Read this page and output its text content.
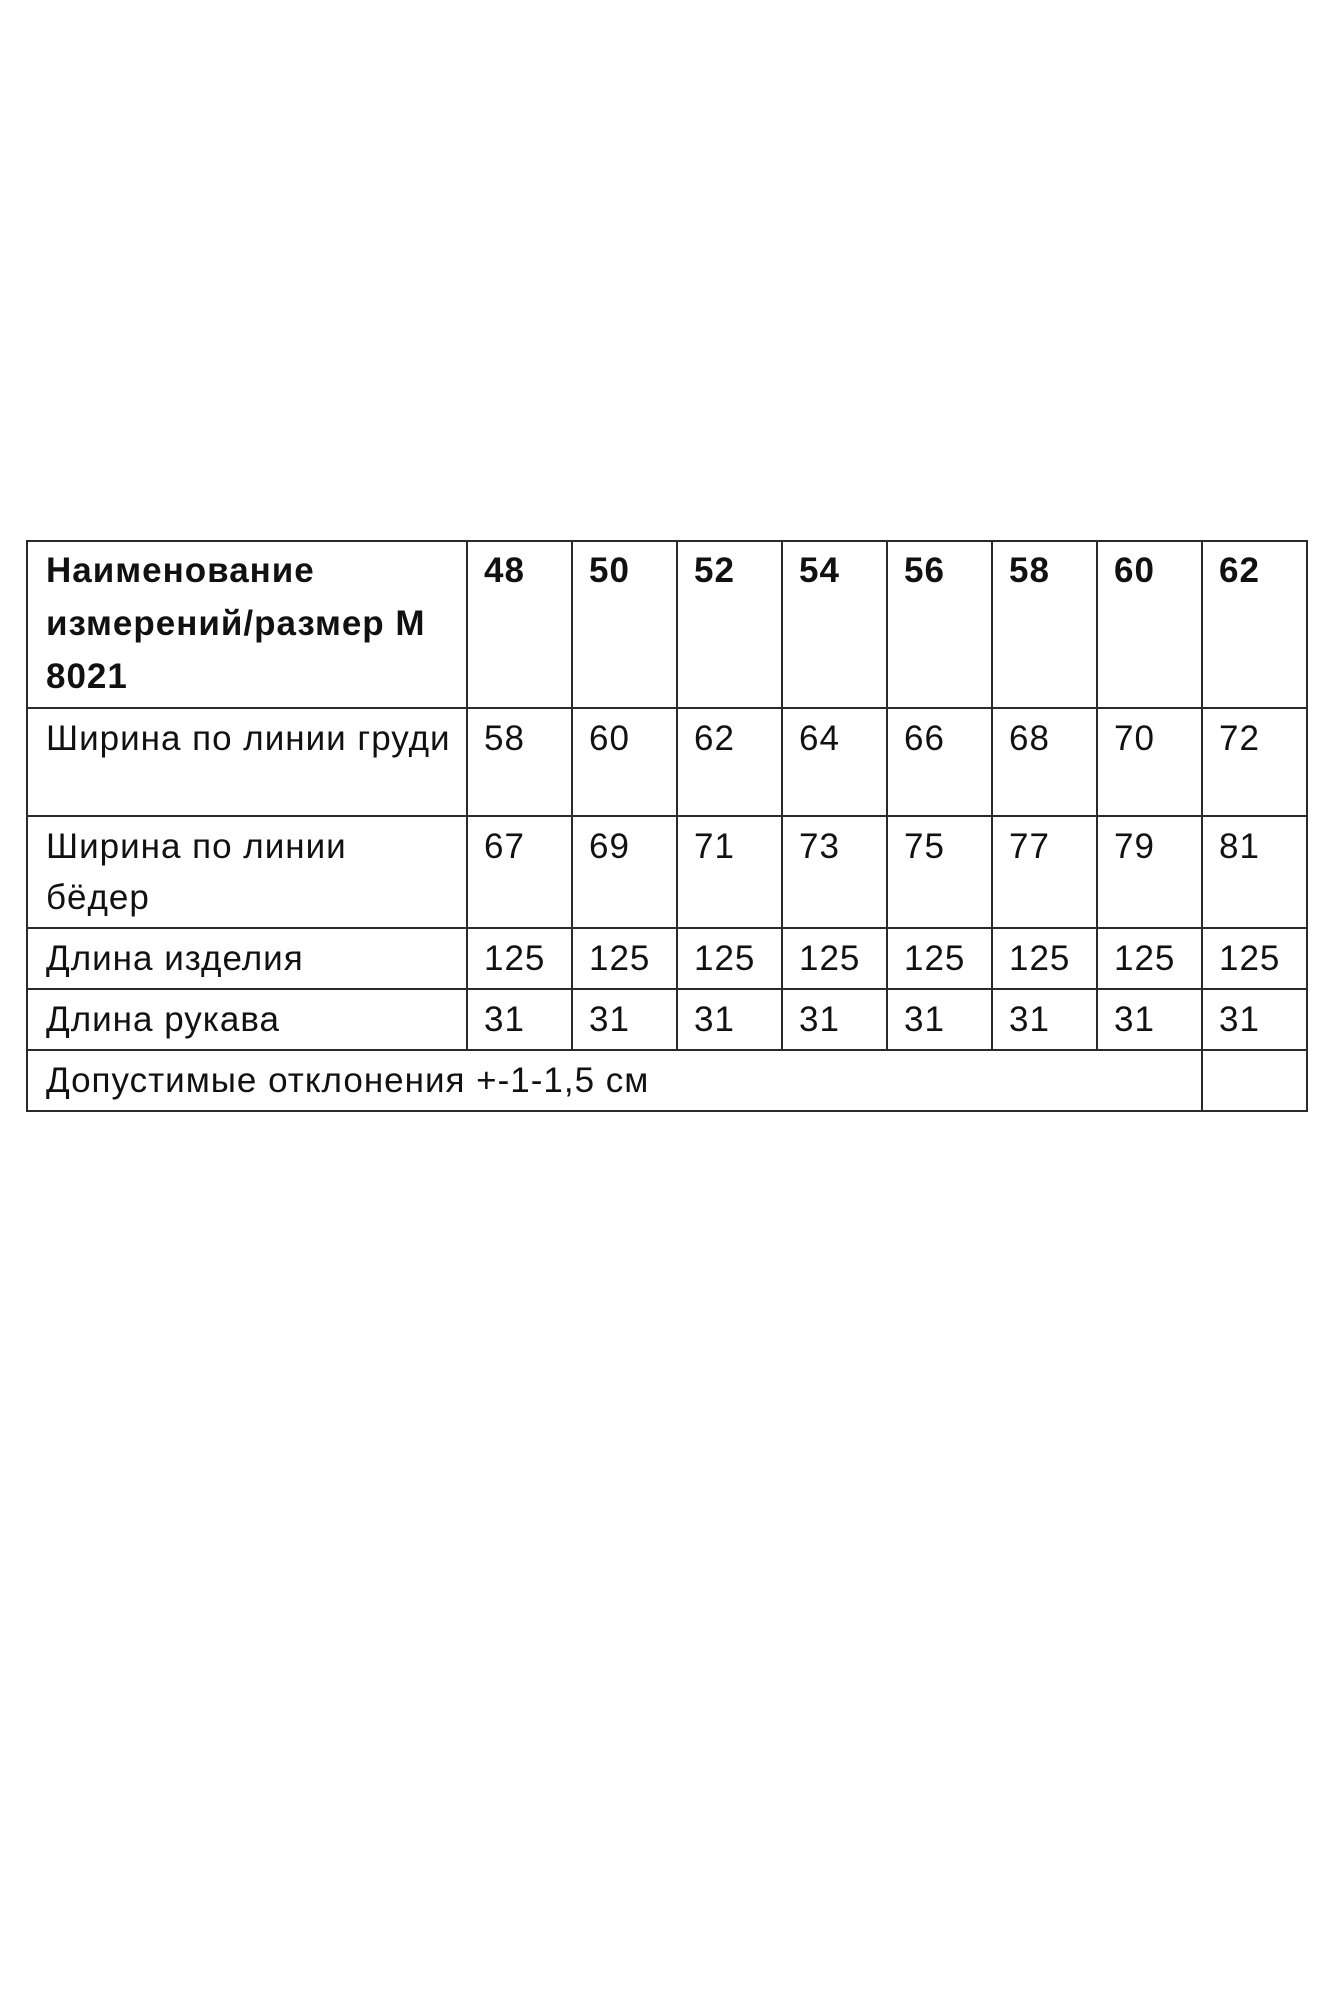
Наименование измерений/размер М 8021	48	50	52	54	56	58	60	62
Ширина по линии груди	58	60	62	64	66	68	70	72
Ширина по линии бёдер	67	69	71	73	75	77	79	81
Длина изделия	125	125	125	125	125	125	125	125
Длина рукава	31	31	31	31	31	31	31	31
Допустимые отклонения +-1-1,5 см								
